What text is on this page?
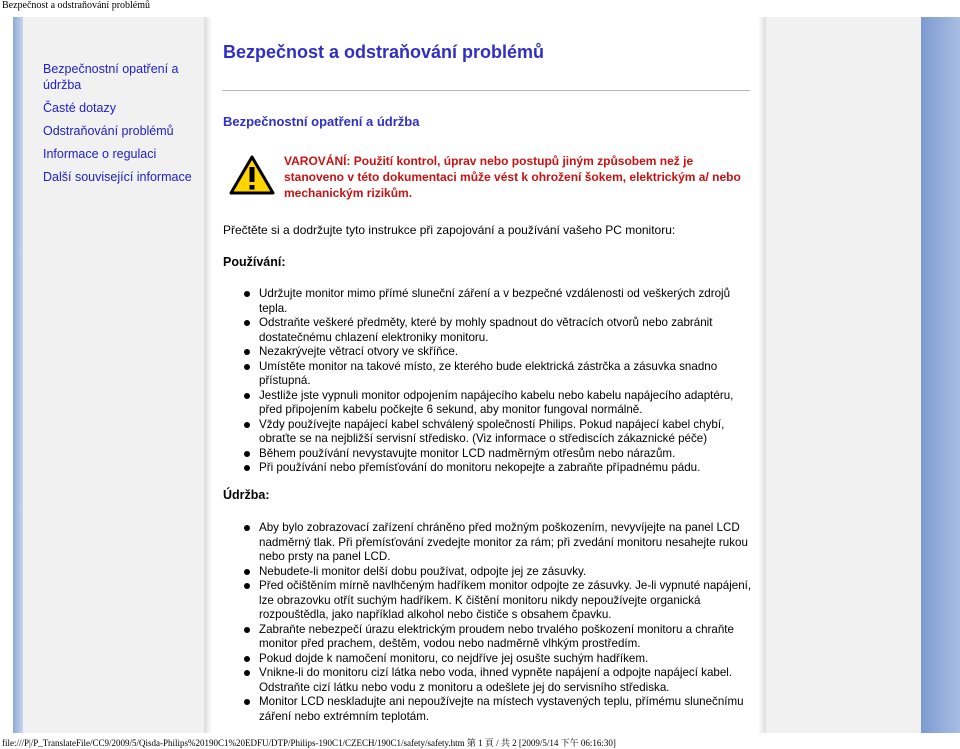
Bezpečnost a odstraňování problémů
Bezpečnostní opatření a údržba
Časté dotazy
Odstraňování problémů
Informace o regulaci
Další související informace
Bezpečnost a odstraňování problémů
Bezpečnostní opatření a údržba
VAROVÁNÍ: Použití kontrol, úprav nebo postupů jiným způsobem než je stanoveno v této dokumentaci může vést k ohrožení šokem, elektrickým a/ nebo mechanickým rizikům.
Přečtěte si a dodržujte tyto instrukce při zapojování a používání vašeho PC monitoru:
Používání:
Udržujte monitor mimo přímé sluneční záření a v bezpečné vzdálenosti od veškerých zdrojů tepla.
Odstraňte veškeré předměty, které by mohly spadnout do větracích otvorů nebo zabránit dostatečnému chlazení elektroniky monitoru.
Nezakrývejte větrací otvory ve skříňce.
Umístěte monitor na takové místo, ze kterého bude elektrická zástrčka a zásuvka snadno přístupná.
Jestliže jste vypnuli monitor odpojením napájecího kabelu nebo kabelu napájecího adaptéru, před připojením kabelu počkejte 6 sekund, aby monitor fungoval normálně.
Vždy používejte napájecí kabel schválený společností Philips. Pokud napájecí kabel chybí, obraťte se na nejbližší servisní středisko. (Viz informace o střediscích zákaznické péče)
Během používání nevystavujte monitor LCD nadměrným otřesům nebo nárazům.
Při používání nebo přemísťování do monitoru nekopejte a zabraňte případnému pádu.
Údržba:
Aby bylo zobrazovací zařízení chráněno před možným poškozením, nevyvíjejte na panel LCD nadměrný tlak. Při přemísťování zvedejte monitor za rám; při zvedání monitoru nesahejte rukou nebo prsty na panel LCD.
Nebudete-li monitor delší dobu používat, odpojte jej ze zásuvky.
Před očištěním mírně navlhčeným hadříkem monitor odpojte ze zásuvky. Je-li vypnuté napájení, lze obrazovku otřít suchým hadříkem. K čištění monitoru nikdy nepoužívejte organická rozpouštědla, jako například alkohol nebo čističe s obsahem čpavku.
Zabraňte nebezpečí úrazu elektrickým proudem nebo trvalého poškození monitoru a chraňte monitor před prachem, deštěm, vodou nebo nadměrně vlhkým prostředím.
Pokud dojde k namočení monitoru, co nejdříve jej osušte suchým hadříkem.
Vnikne-li do monitoru cizí látka nebo voda, ihned vypněte napájení a odpojte napájecí kabel. Odstraňte cizí látku nebo vodu z monitoru a odešlete jej do servisního střediska.
Monitor LCD neskladujte ani nepoužívejte na místech vystavených teplu, přímému slunečnímu záření nebo extrémním teplotám.
file:///P|/P_TranslateFile/CC9/2009/5/Qisda-Philips%20190C1%20EDFU/DTP/Philips-190C1/CZECH/190C1/safety/safety.htm 第 1 頁 / 共 2 [2009/5/14 下午 06:16:30]
